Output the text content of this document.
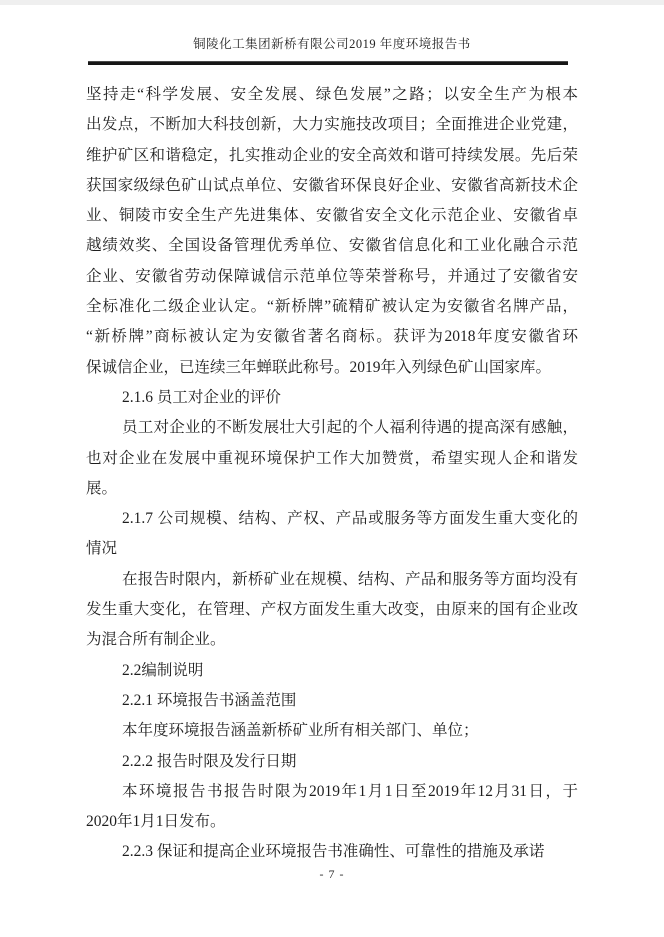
铜陵化工集团新桥有限公司2019 年度环境报告书
坚持走“科学发展、安全发展、绿色发展”之路；以安全生产为根本
出发点，不断加大科技创新，大力实施技改项目；全面推进企业党建，
维护矿区和谐稳定，扎实推动企业的安全高效和谐可持续发展。先后荣
获国家级绿色矿山试点单位、安徽省环保良好企业、安徽省高新技术企
业、铜陵市安全生产先进集体、安徽省安全文化示范企业、安徽省卓
越绩效奖、全国设备管理优秀单位、安徽省信息化和工业化融合示范
企业、安徽省劳动保障诚信示范单位等荣誉称号，并通过了安徽省安
全标准化二级企业认定。“新桥牌”硫精矿被认定为安徽省名牌产品，
“新桥牌”商标被认定为安徽省著名商标。获评为2018年度安徽省环
保诚信企业，已连续三年蝉联此称号。2019年入列绿色矿山国家库。
2.1.6 员工对企业的评价
员工对企业的不断发展壮大引起的个人福利待遇的提高深有感触，
也对企业在发展中重视环境保护工作大加赞赏，希望实现人企和谐发
展。
2.1.7 公司规模、结构、产权、产品或服务等方面发生重大变化的
情况
在报告时限内，新桥矿业在规模、结构、产品和服务等方面均没有
发生重大变化，在管理、产权方面发生重大改变，由原来的国有企业改
为混合所有制企业。
2.2编制说明
2.2.1 环境报告书涵盖范围
本年度环境报告涵盖新桥矿业所有相关部门、单位；
2.2.2 报告时限及发行日期
本环境报告书报告时限为2019年1月1日至2019年12月31日，于
2020年1月1日发布。
2.2.3 保证和提高企业环境报告书准确性、可靠性的措施及承诺
- 7 -
